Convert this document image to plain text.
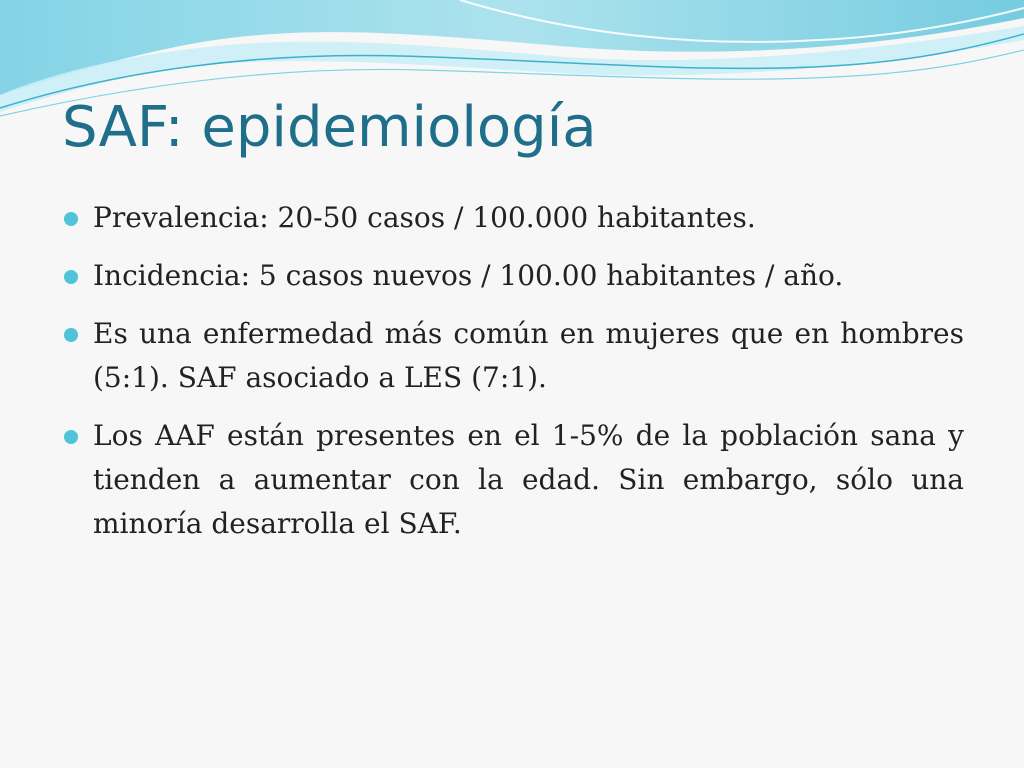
SAF: epidemiología
Prevalencia: 20-50 casos / 100.000 habitantes.
Incidencia: 5 casos nuevos / 100.00 habitantes / año.
Es una enfermedad más común en mujeres que en hombres (5:1). SAF asociado a LES (7:1).
Los AAF están presentes en el 1-5% de la población sana y tienden a aumentar con la edad. Sin embargo, sólo una minoría desarrolla el SAF.
